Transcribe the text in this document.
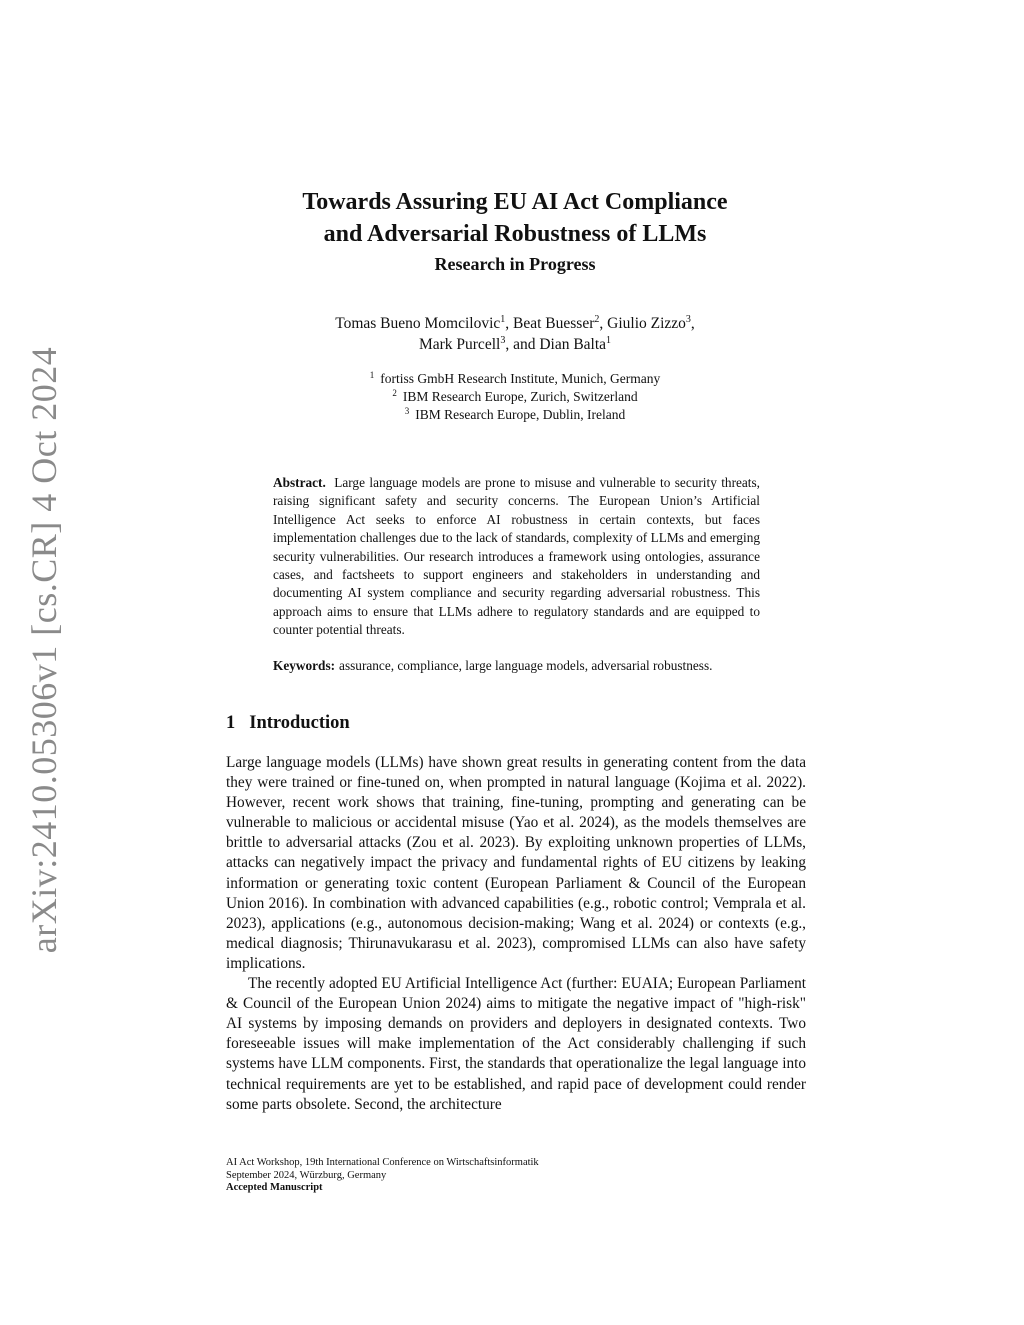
arXiv:2410.05306v1 [cs.CR] 4 Oct 2024
Towards Assuring EU AI Act Compliance
and Adversarial Robustness of LLMs
Research in Progress
Tomas Bueno Momcilovic$^1$, Beat Buesser$^2$, Giulio Zizzo$^3$,
Mark Purcell$^3$, and Dian Balta$^1$
$^1$ fortiss GmbH Research Institute, Munich, Germany
$^2$ IBM Research Europe, Zurich, Switzerland
$^3$ IBM Research Europe, Dublin, Ireland
Abstract. Large language models are prone to misuse and vulnerable to security threats, raising significant safety and security concerns. The European Union’s Artificial Intelligence Act seeks to enforce AI robustness in certain contexts, but faces implementation challenges due to the lack of standards, complexity of LLMs and emerging security vulnerabilities. Our research introduces a framework using ontologies, assurance cases, and factsheets to support engineers and stakeholders in understanding and documenting AI system compliance and security regarding adversarial robustness. This approach aims to ensure that LLMs adhere to regulatory standards and are equipped to counter potential threats.
Keywords: assurance, compliance, large language models, adversarial robustness.
1 Introduction

Large language models (LLMs) have shown great results in generating content from the data they were trained or fine-tuned on, when prompted in natural language (Kojima et al. 2022). However, recent work shows that training, fine-tuning, prompting and generating can be vulnerable to malicious or accidental misuse (Yao et al. 2024), as the models themselves are brittle to adversarial attacks (Zou et al. 2023). By exploiting unknown properties of LLMs, attacks can negatively impact the privacy and fundamental rights of EU citizens by leaking information or generating toxic content (European Parliament & Council of the European Union 2016). In combination with advanced capabilities (e.g., robotic control; Vemprala et al. 2023), applications (e.g., autonomous decision-making; Wang et al. 2024) or contexts (e.g., medical diagnosis; Thirunavukarasu et al. 2023), compromised LLMs can also have safety implications.

The recently adopted EU Artificial Intelligence Act (further: EUAIA; European Parliament & Council of the European Union 2024) aims to mitigate the negative impact of "high-risk" AI systems by imposing demands on providers and deployers in designated contexts. Two foreseeable issues will make implementation of the Act considerably challenging if such systems have LLM components. First, the standards that operationalize the legal language into technical requirements are yet to be established, and rapid pace of development could render some parts obsolete. Second, the architecture

AI Act Workshop, 19th International Conference on Wirtschaftsinformatik
September 2024, Würzburg, Germany
Accepted Manuscript
